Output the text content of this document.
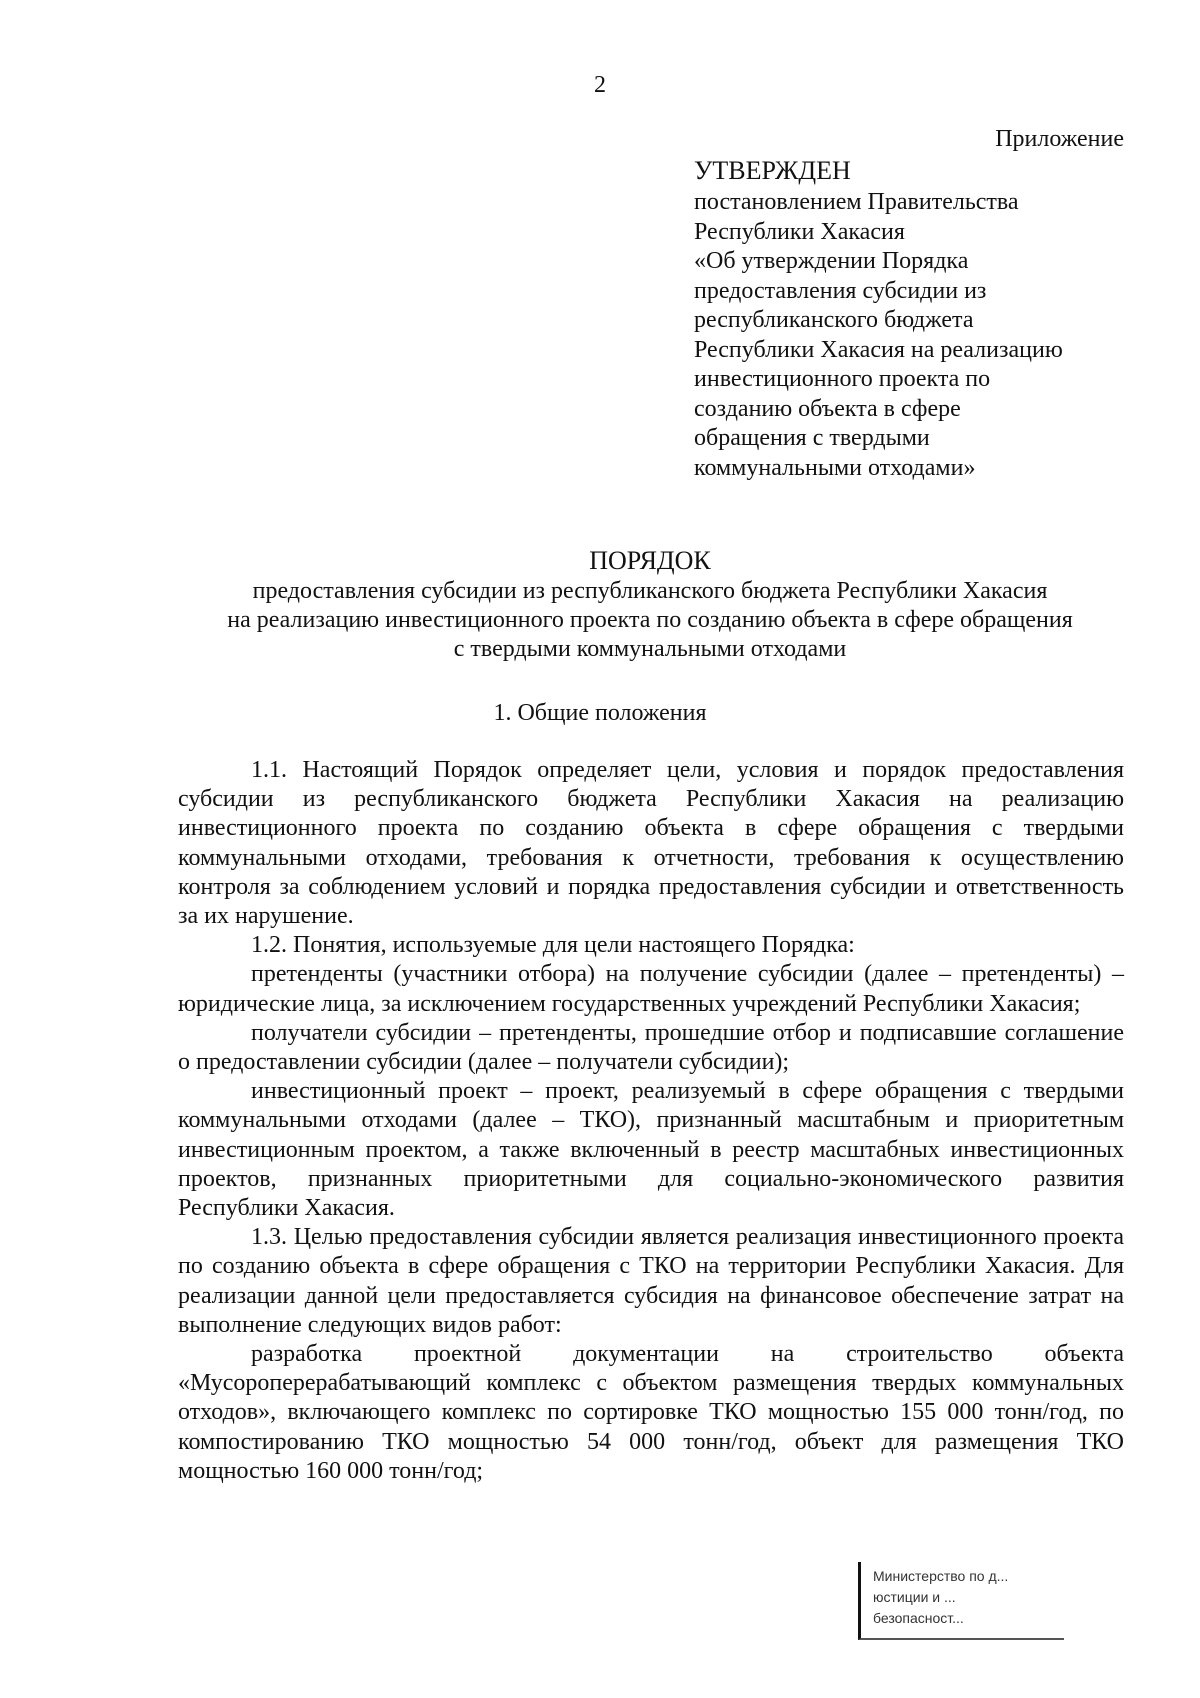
2

Приложение

УТВЕРЖДЕН

постановлением Правительства

Республики Хакасия

«Об утверждении Порядка

предоставления субсидии из

республиканского бюджета

Республики Хакасия на реализацию

инвестиционного проекта по

созданию объекта в сфере

обращения с твердыми

коммунальными отходами»

ПОРЯДОК

предоставления субсидии из республиканского бюджета Республики Хакасия

на реализацию инвестиционного проекта по созданию объекта в сфере обращения

с твердыми коммунальными отходами

1. Общие положения

1.1. Настоящий Порядок определяет цели, условия и порядок предоставления субсидии из республиканского бюджета Республики Хакасия на реализацию инвестиционного проекта по созданию объекта в сфере обращения с твердыми коммунальными отходами, требования к отчетности, требования к осуществлению контроля за соблюдением условий и порядка предоставления субсидии и ответственность за их нарушение.

1.2. Понятия, используемые для цели настоящего Порядка:

претенденты (участники отбора) на получение субсидии (далее – претенденты) – юридические лица, за исключением государственных учреждений Республики Хакасия;

получатели субсидии – претенденты, прошедшие отбор и подписавшие соглашение о предоставлении субсидии (далее – получатели субсидии);

инвестиционный проект – проект, реализуемый в сфере обращения с твердыми коммунальными отходами (далее – ТКО), признанный масштабным и приоритетным инвестиционным проектом, а также включенный в реестр масштабных инвестиционных проектов, признанных приоритетными для социально-экономического развития Республики Хакасия.

1.3. Целью предоставления субсидии является реализация инвестиционного проекта по созданию объекта в сфере обращения с ТКО на территории Республики Хакасия. Для реализации данной цели предоставляется субсидия на финансовое обеспечение затрат на выполнение следующих видов работ:

разработка проектной документации на строительство объекта «Мусороперерабатывающий комплекс с объектом размещения твердых коммунальных отходов», включающего комплекс по сортировке ТКО мощностью 155 000 тонн/год, по компостированию ТКО мощностью 54 000 тонн/год, объект для размещения ТКО мощностью 160 000 тонн/год;

Министерство по д...
юстиции и ...
безопасност...
